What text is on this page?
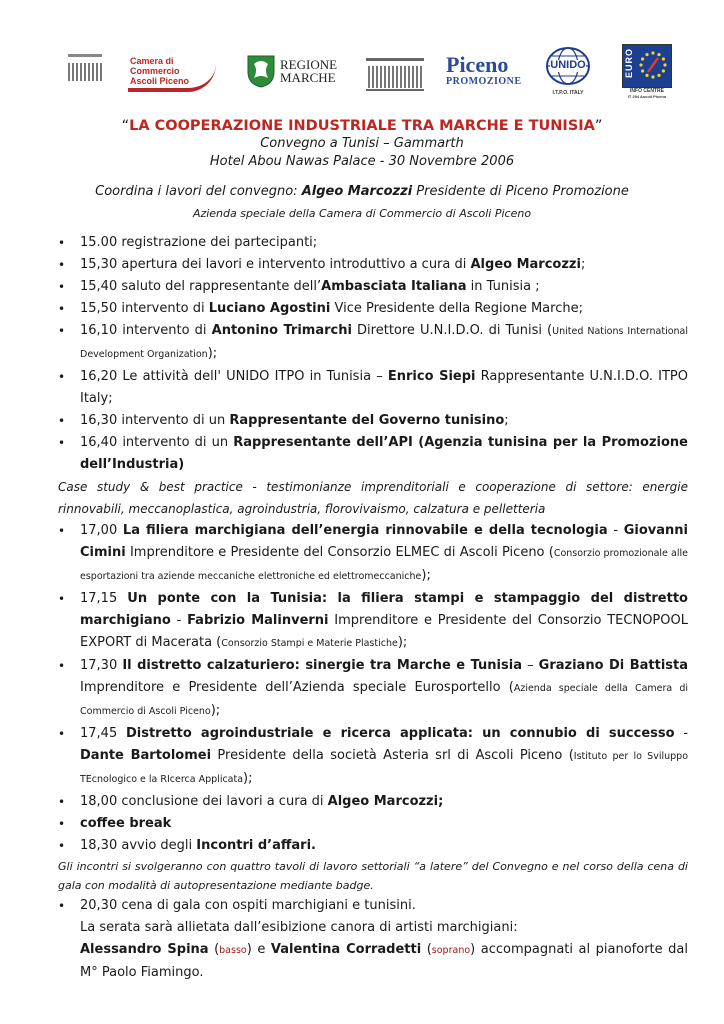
Camera di Commercio
Ascoli Piceno
REGIONE
MARCHE
Piceno
PROMOZIONE
UNIDO
I.T.P.O. ITALY
EURO
INFO CENTRE
IT 294 Ascoli Piceno
“LA COOPERAZIONE INDUSTRIALE TRA MARCHE E TUNISIA”
Convegno a Tunisi – Gammarth
Hotel Abou Nawas Palace - 30 Novembre 2006
Coordina i lavori del convegno: Algeo Marcozzi Presidente di Piceno Promozione
Azienda speciale della Camera di Commercio di Ascoli Piceno
• 15.00 registrazione dei partecipanti;
• 15,30 apertura dei lavori e intervento introduttivo a cura di Algeo Marcozzi;
• 15,40 saluto del rappresentante dell’Ambasciata Italiana in Tunisia ;
• 15,50 intervento di Luciano Agostini Vice Presidente della Regione Marche;
• 16,10 intervento di Antonino Trimarchi Direttore U.N.I.D.O. di Tunisi (United Nations International Development Organization);
• 16,20 Le attività dell' UNIDO ITPO in Tunisia – Enrico Siepi Rappresentante U.N.I.D.O. ITPO Italy;
• 16,30 intervento di un Rappresentante del Governo tunisino;
• 16,40 intervento di un Rappresentante dell’API (Agenzia tunisina per la Promozione dell’Industria)
Case study & best practice - testimonianze imprenditoriali e cooperazione di settore: energie rinnovabili, meccanoplastica, agroindustria, florovivaismo, calzatura e pelletteria
• 17,00 La filiera marchigiana dell’energia rinnovabile e della tecnologia - Giovanni Cimini Imprenditore e Presidente del Consorzio ELMEC di Ascoli Piceno (Consorzio promozionale alle esportazioni tra aziende meccaniche elettroniche ed elettromeccaniche);
• 17,15 Un ponte con la Tunisia: la filiera stampi e stampaggio del distretto marchigiano - Fabrizio Malinverni Imprenditore e Presidente del Consorzio TECNOPOOL EXPORT di Macerata (Consorzio Stampi e Materie Plastiche);
• 17,30 Il distretto calzaturiero: sinergie tra Marche e Tunisia – Graziano Di Battista Imprenditore e Presidente dell’Azienda speciale Eurosportello (Azienda speciale della Camera di Commercio di Ascoli Piceno);
• 17,45 Distretto agroindustriale e ricerca applicata: un connubio di successo - Dante Bartolomei Presidente della società Asteria srl di Ascoli Piceno (Istituto per lo Sviluppo TEcnologico e la RIcerca Applicata);
• 18,00 conclusione dei lavori a cura di Algeo Marcozzi;
• coffee break
• 18,30 avvio degli Incontri d’affari.
Gli incontri si svolgeranno con quattro tavoli di lavoro settoriali “a latere” del Convegno e nel corso della cena di gala con modalità di autopresentazione mediante badge.
• 20,30 cena di gala con ospiti marchigiani e tunisini.
La serata sarà allietata dall’esibizione canora di artisti marchigiani:
Alessandro Spina (basso) e Valentina Corradetti (soprano) accompagnati al pianoforte dal M° Paolo Fiamingo.
